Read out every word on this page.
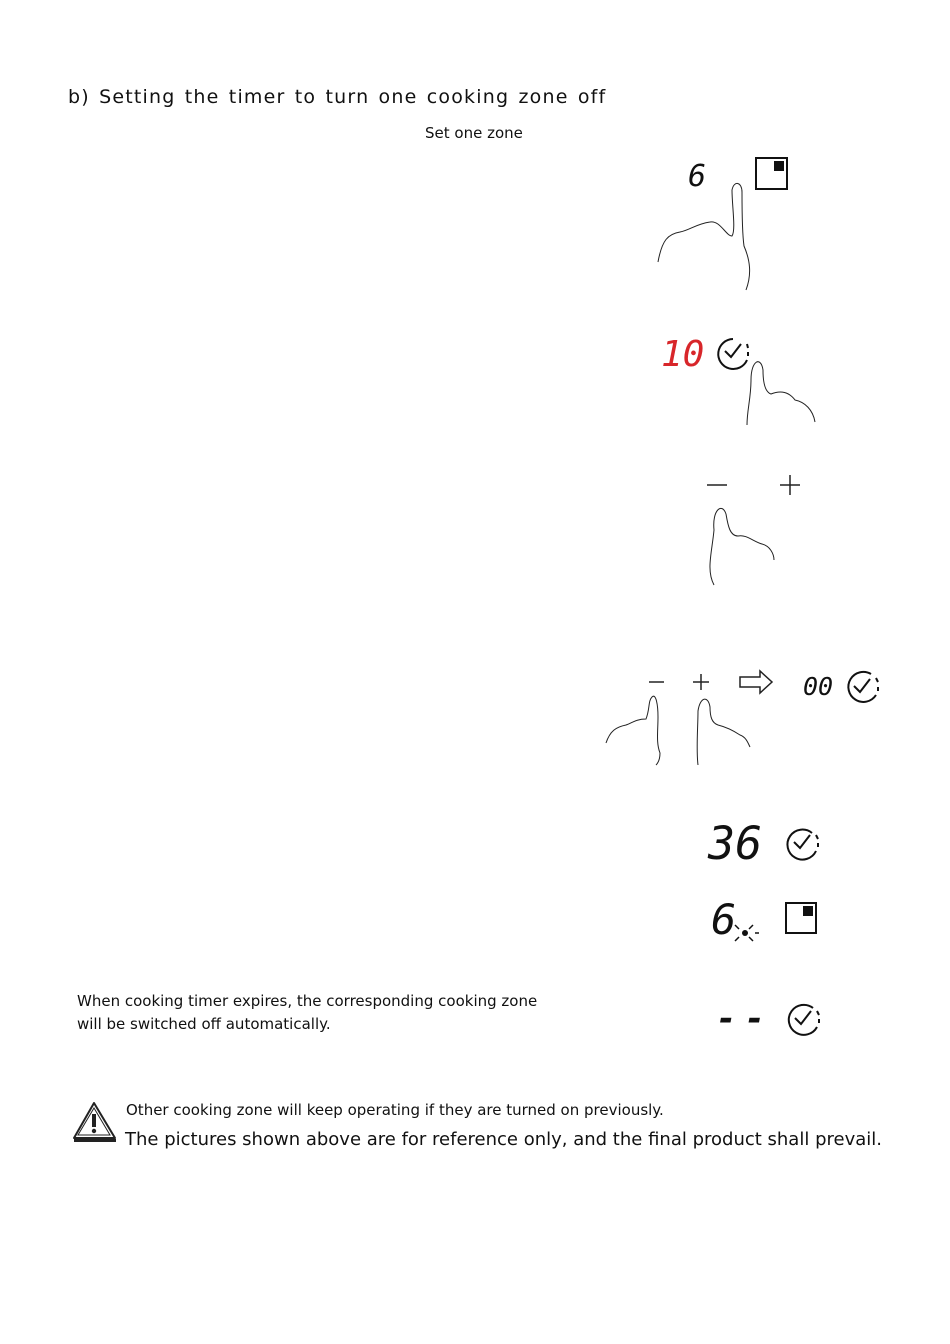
b) Setting the timer to turn one cooking zone off
Set one zone
6
10
00
36
6
When cooking timer expires, the corresponding cooking zone
will be switched off automatically.	--
Other cooking zone will keep operating if they are turned on previously.
The pictures shown above are for reference only, and the final product shall prevail.
